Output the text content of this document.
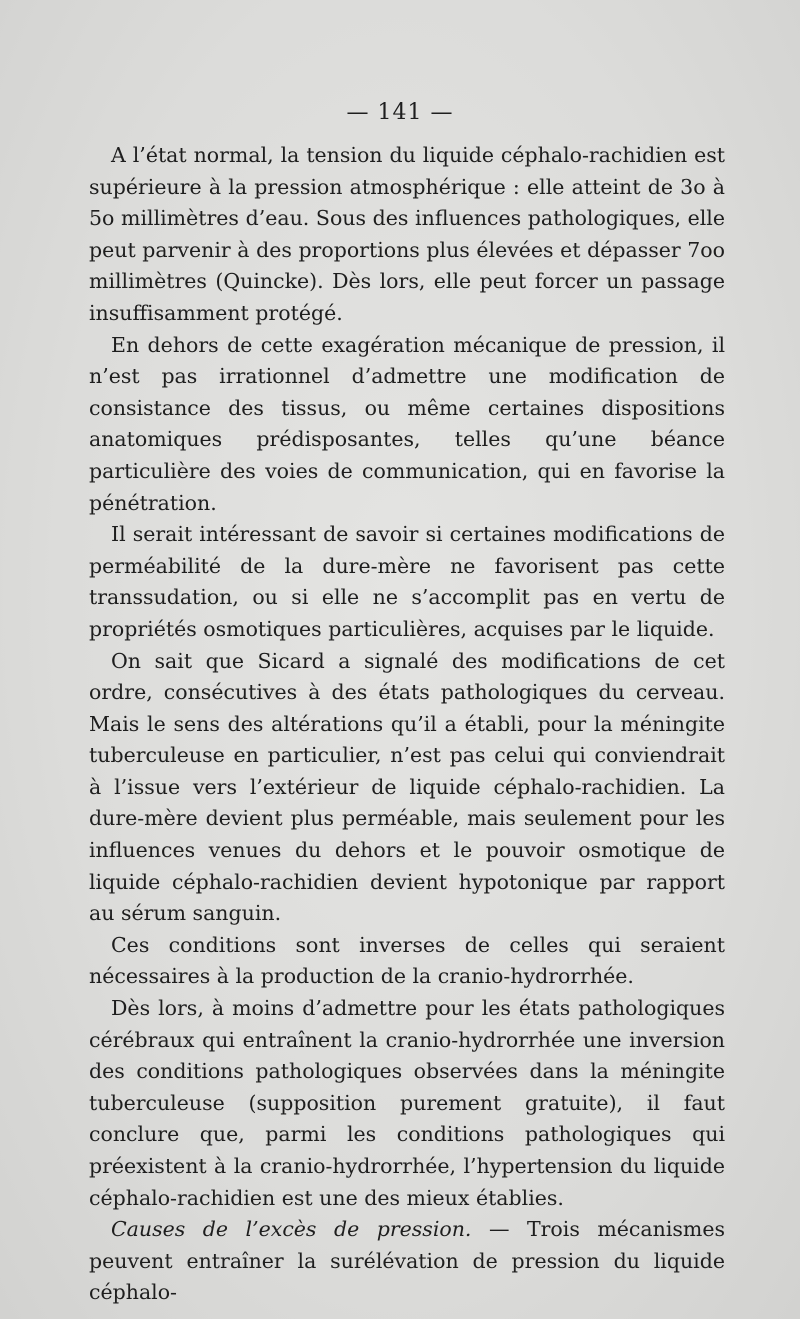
— 141 —

A l’état normal, la tension du liquide céphalo-rachidien est supérieure à la pression atmosphérique : elle atteint de 3o à 5o millimètres d’eau. Sous des influences pathologiques, elle peut parvenir à des proportions plus élevées et dépasser 7oo millimètres (Quincke). Dès lors, elle peut forcer un passage insuffisamment protégé.

En dehors de cette exagération mécanique de pression, il n’est pas irrationnel d’admettre une modification de consistance des tissus, ou même certaines dispositions anatomiques prédisposantes, telles qu’une béance particulière des voies de communication, qui en favorise la pénétration.

Il serait intéressant de savoir si certaines modifications de perméabilité de la dure-mère ne favorisent pas cette transsudation, ou si elle ne s’accomplit pas en vertu de propriétés osmotiques particulières, acquises par le liquide.

On sait que Sicard a signalé des modifications de cet ordre, consécutives à des états pathologiques du cerveau. Mais le sens des altérations qu’il a établi, pour la méningite tuberculeuse en particulier, n’est pas celui qui conviendrait à l’issue vers l’extérieur de liquide céphalo-rachidien. La dure-mère devient plus perméable, mais seulement pour les influences venues du dehors et le pouvoir osmotique de liquide céphalo-rachidien devient hypotonique par rapport au sérum sanguin.

Ces conditions sont inverses de celles qui seraient nécessaires à la production de la cranio-hydrorrhée.

Dès lors, à moins d’admettre pour les états pathologiques cérébraux qui entraînent la cranio-hydrorrhée une inversion des conditions pathologiques observées dans la méningite tuberculeuse (supposition purement gratuite), il faut conclure que, parmi les conditions pathologiques qui préexistent à la cranio-hydrorrhée, l’hypertension du liquide céphalo-rachidien est une des mieux établies.

Causes de l’excès de pression. — Trois mécanismes peuvent entraîner la surélévation de pression du liquide céphalo-
